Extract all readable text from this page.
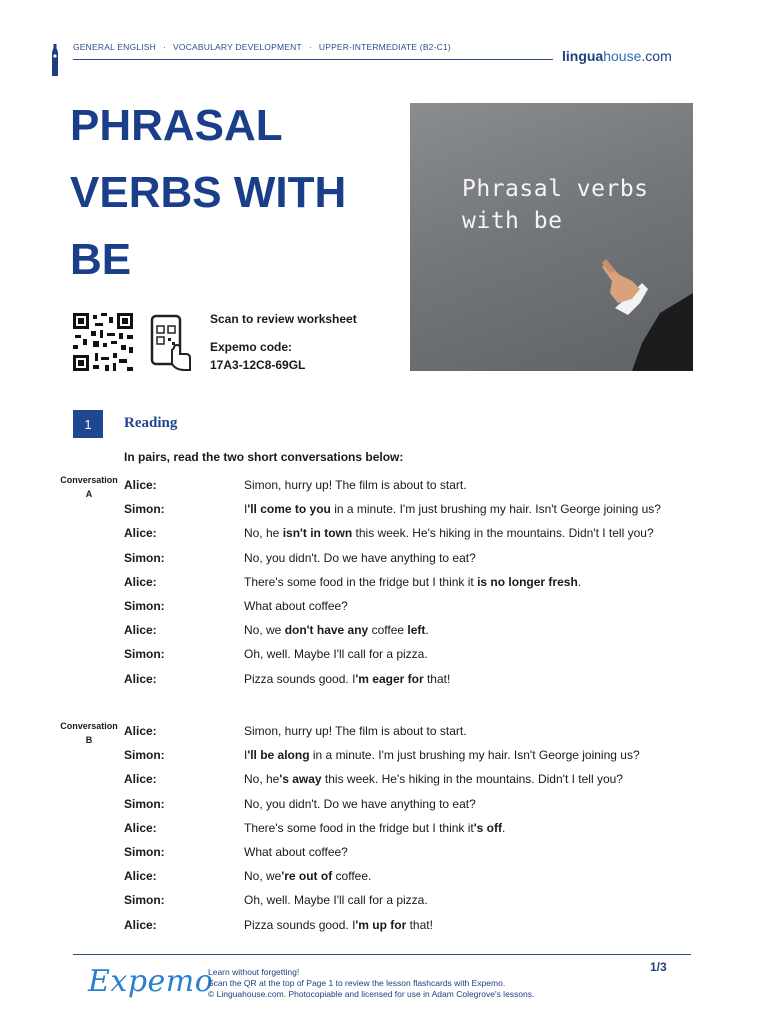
GENERAL ENGLISH · VOCABULARY DEVELOPMENT · UPPER-INTERMEDIATE (B2-C1)
linguahouse.com
PHRASAL
VERBS WITH
BE
Phrasal verbs
with be
Scan to review worksheet
Expemo code:
17A3-12C8-69GL
1	Reading
In pairs, read the two short conversations below:
Conversation
A
Alice:	Simon, hurry up! The film is about to start.
Simon:	I'll come to you in a minute. I'm just brushing my hair. Isn't George joining us?
Alice:	No, he isn't in town this week. He's hiking in the mountains. Didn't I tell you?
Simon:	No, you didn't. Do we have anything to eat?
Alice:	There's some food in the fridge but I think it is no longer fresh.
Simon:	What about coffee?
Alice:	No, we don't have any coffee left.
Simon:	Oh, well. Maybe I'll call for a pizza.
Alice:	Pizza sounds good. I'm eager for that!
Conversation
B
Alice:	Simon, hurry up! The film is about to start.
Simon:	I'll be along in a minute. I'm just brushing my hair. Isn't George joining us?
Alice:	No, he's away this week. He's hiking in the mountains. Didn't I tell you?
Simon:	No, you didn't. Do we have anything to eat?
Alice:	There's some food in the fridge but I think it's off.
Simon:	What about coffee?
Alice:	No, we're out of coffee.
Simon:	Oh, well. Maybe I'll call for a pizza.
Alice:	Pizza sounds good. I'm up for that!
Expemo
Learn without forgetting!
Scan the QR at the top of Page 1 to review the lesson flashcards with Expemo.
© Linguahouse.com. Photocopiable and licensed for use in Adam Colegrove's lessons.
1/3
